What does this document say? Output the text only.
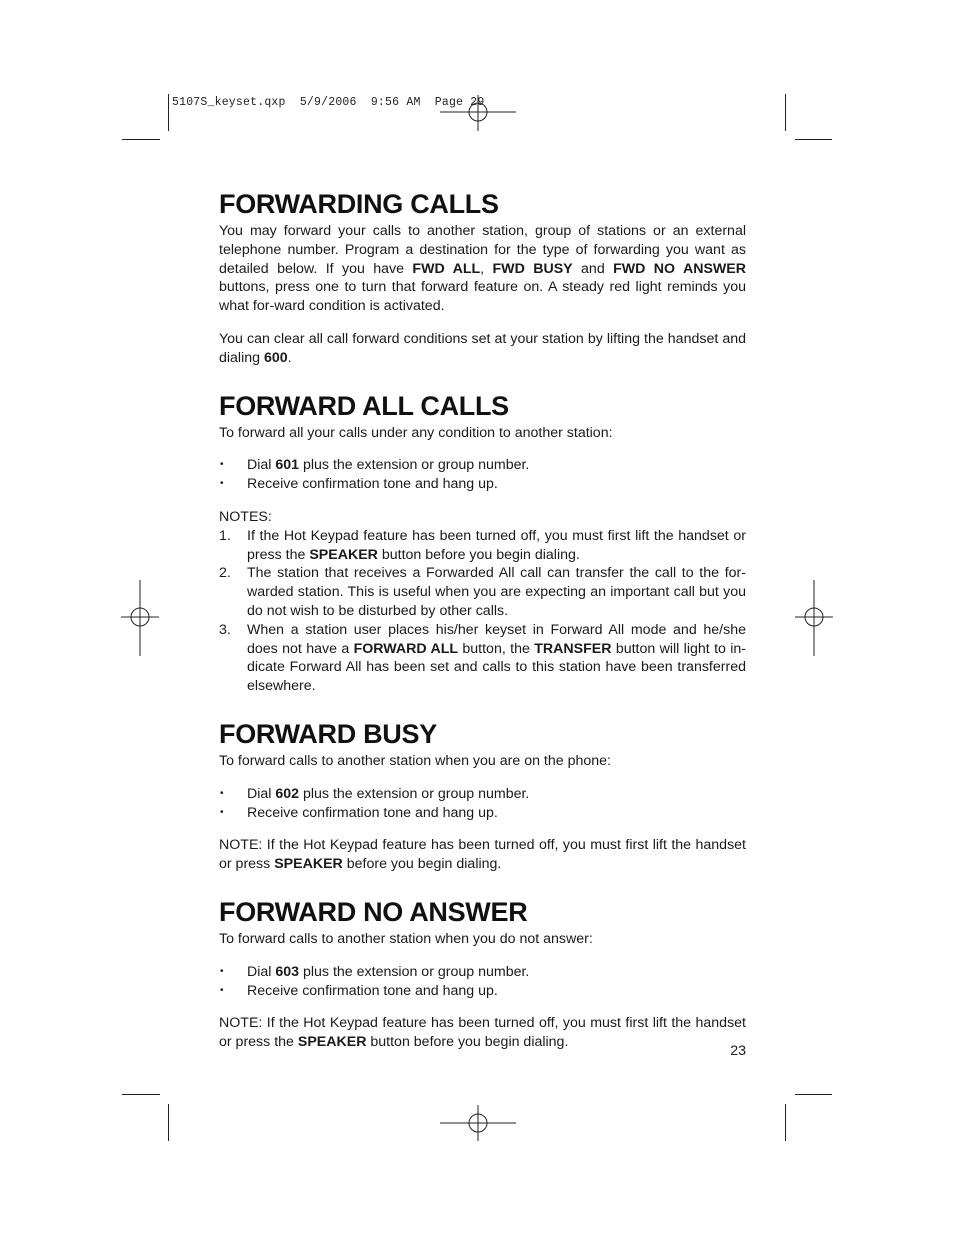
5107S_keyset.qxp  5/9/2006  9:56 AM  Page 29
FORWARDING CALLS

You may forward your calls to another station, group of stations or an external telephone number. Program a destination for the type of forwarding you want as detailed below. If you have FWD ALL, FWD BUSY and FWD NO ANSWER buttons, press one to turn that forward feature on. A steady red light reminds you what for-ward condition is activated.

You can clear all call forward conditions set at your station by lifting the handset and dialing 600.

FORWARD ALL CALLS

To forward all your calls under any condition to another station:

• Dial 601 plus the extension or group number.
• Receive confirmation tone and hang up.

NOTES:

1. If the Hot Keypad feature has been turned off, you must first lift the handset or press the SPEAKER button before you begin dialing.
2. The station that receives a Forwarded All call can transfer the call to the for-warded station. This is useful when you are expecting an important call but you do not wish to be disturbed by other calls.
3. When a station user places his/her keyset in Forward All mode and he/she does not have a FORWARD ALL button, the TRANSFER button will light to in-dicate Forward All has been set and calls to this station have been transferred elsewhere.
FORWARD BUSY

To forward calls to another station when you are on the phone:

• Dial 602 plus the extension or group number.
• Receive confirmation tone and hang up.

NOTE: If the Hot Keypad feature has been turned off, you must first lift the handset or press SPEAKER before you begin dialing.

FORWARD NO ANSWER

To forward calls to another station when you do not answer:

• Dial 603 plus the extension or group number.
• Receive confirmation tone and hang up.

NOTE: If the Hot Keypad feature has been turned off, you must first lift the handset or press the SPEAKER button before you begin dialing.

23
